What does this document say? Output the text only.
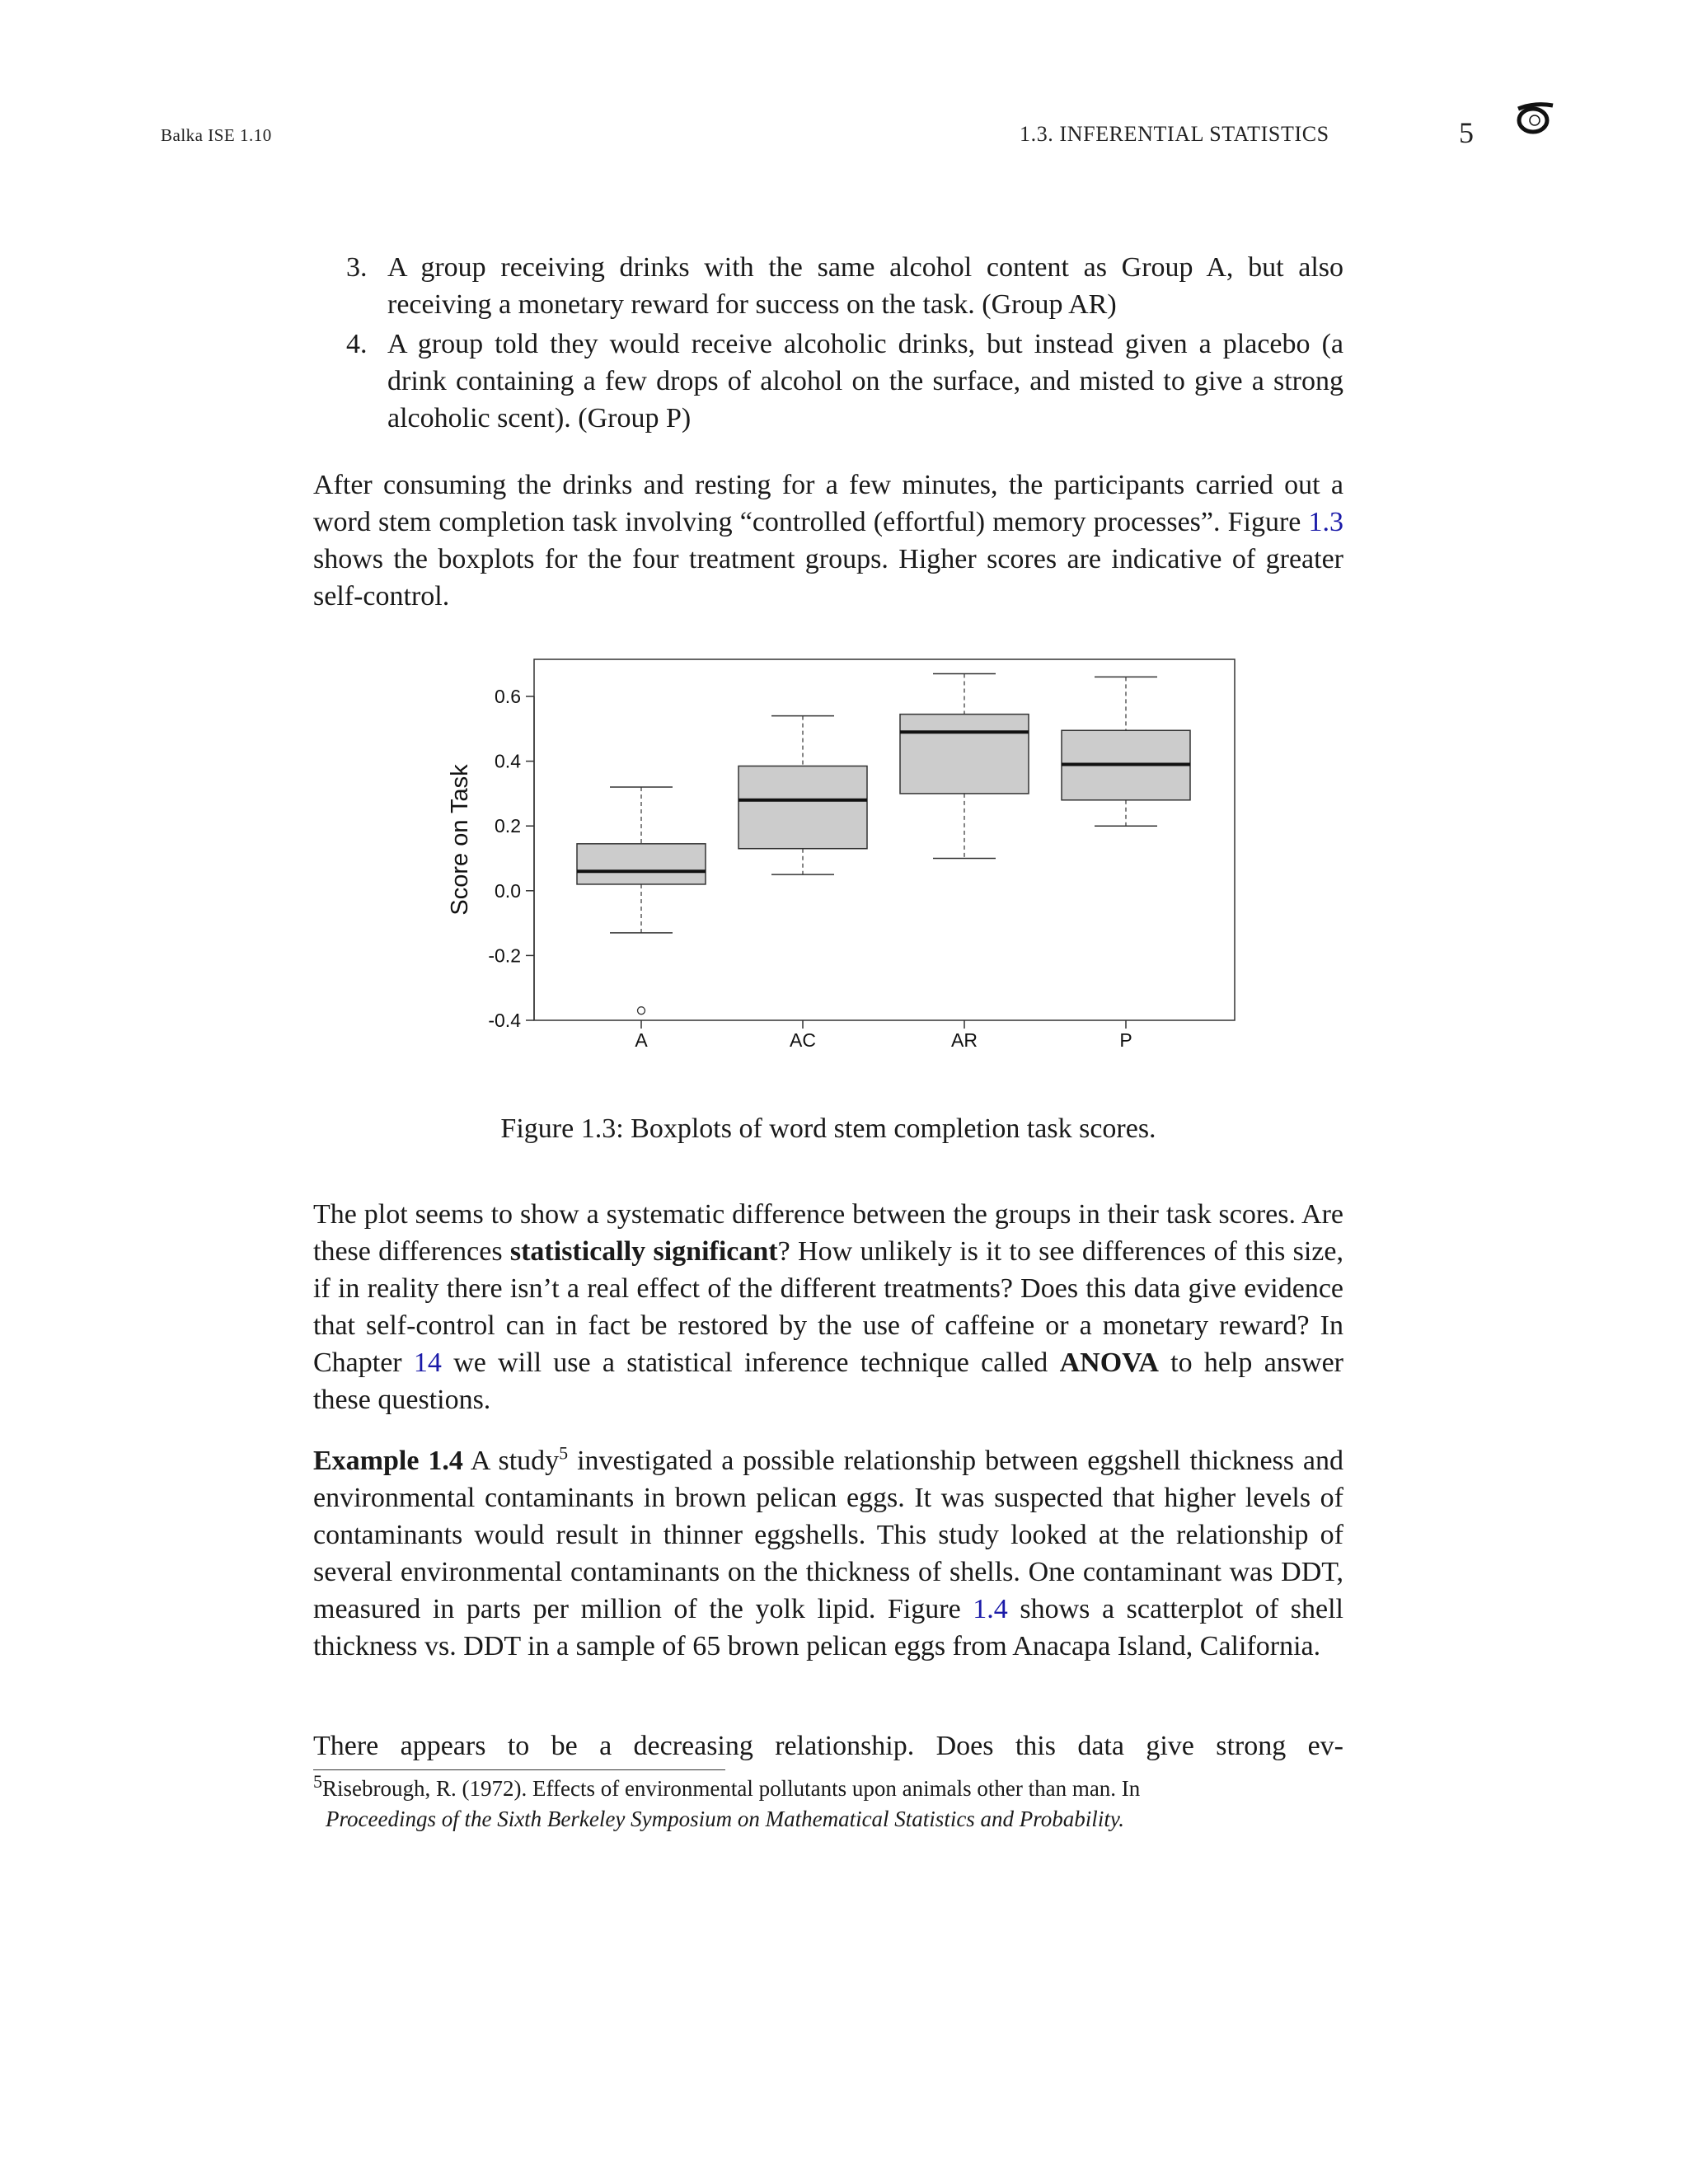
Balka ISE 1.10	1.3. INFERENTIAL STATISTICS	5
3. A group receiving drinks with the same alcohol content as Group A, but also receiving a monetary reward for success on the task. (Group AR)
4. A group told they would receive alcoholic drinks, but instead given a placebo (a drink containing a few drops of alcohol on the surface, and misted to give a strong alcoholic scent). (Group P)
After consuming the drinks and resting for a few minutes, the participants carried out a word stem completion task involving “controlled (effortful) memory processes”. Figure 1.3 shows the boxplots for the four treatment groups. Higher scores are indicative of greater self-control.
-0.4
-0.2
0.0
0.2
0.4
0.6
A	AC	AR	P
Score on Task
Figure 1.3: Boxplots of word stem completion task scores.
The plot seems to show a systematic difference between the groups in their task scores. Are these differences statistically significant? How unlikely is it to see differences of this size, if in reality there isn’t a real effect of the different treatments? Does this data give evidence that self-control can in fact be restored by the use of caffeine or a monetary reward? In Chapter 14 we will use a statistical inference technique called ANOVA to help answer these questions.
Example 1.4 A study$^5$ investigated a possible relationship between eggshell thickness and environmental contaminants in brown pelican eggs. It was suspected that higher levels of contaminants would result in thinner eggshells. This study looked at the relationship of several environmental contaminants on the thickness of shells. One contaminant was DDT, measured in parts per million of the yolk lipid. Figure 1.4 shows a scatterplot of shell thickness vs. DDT in a sample of 65 brown pelican eggs from Anacapa Island, California.
There appears to be a decreasing relationship. Does this data give strong ev-
$^5$Risebrough, R. (1972). Effects of environmental pollutants upon animals other than man. In
Proceedings of the Sixth Berkeley Symposium on Mathematical Statistics and Probability.
